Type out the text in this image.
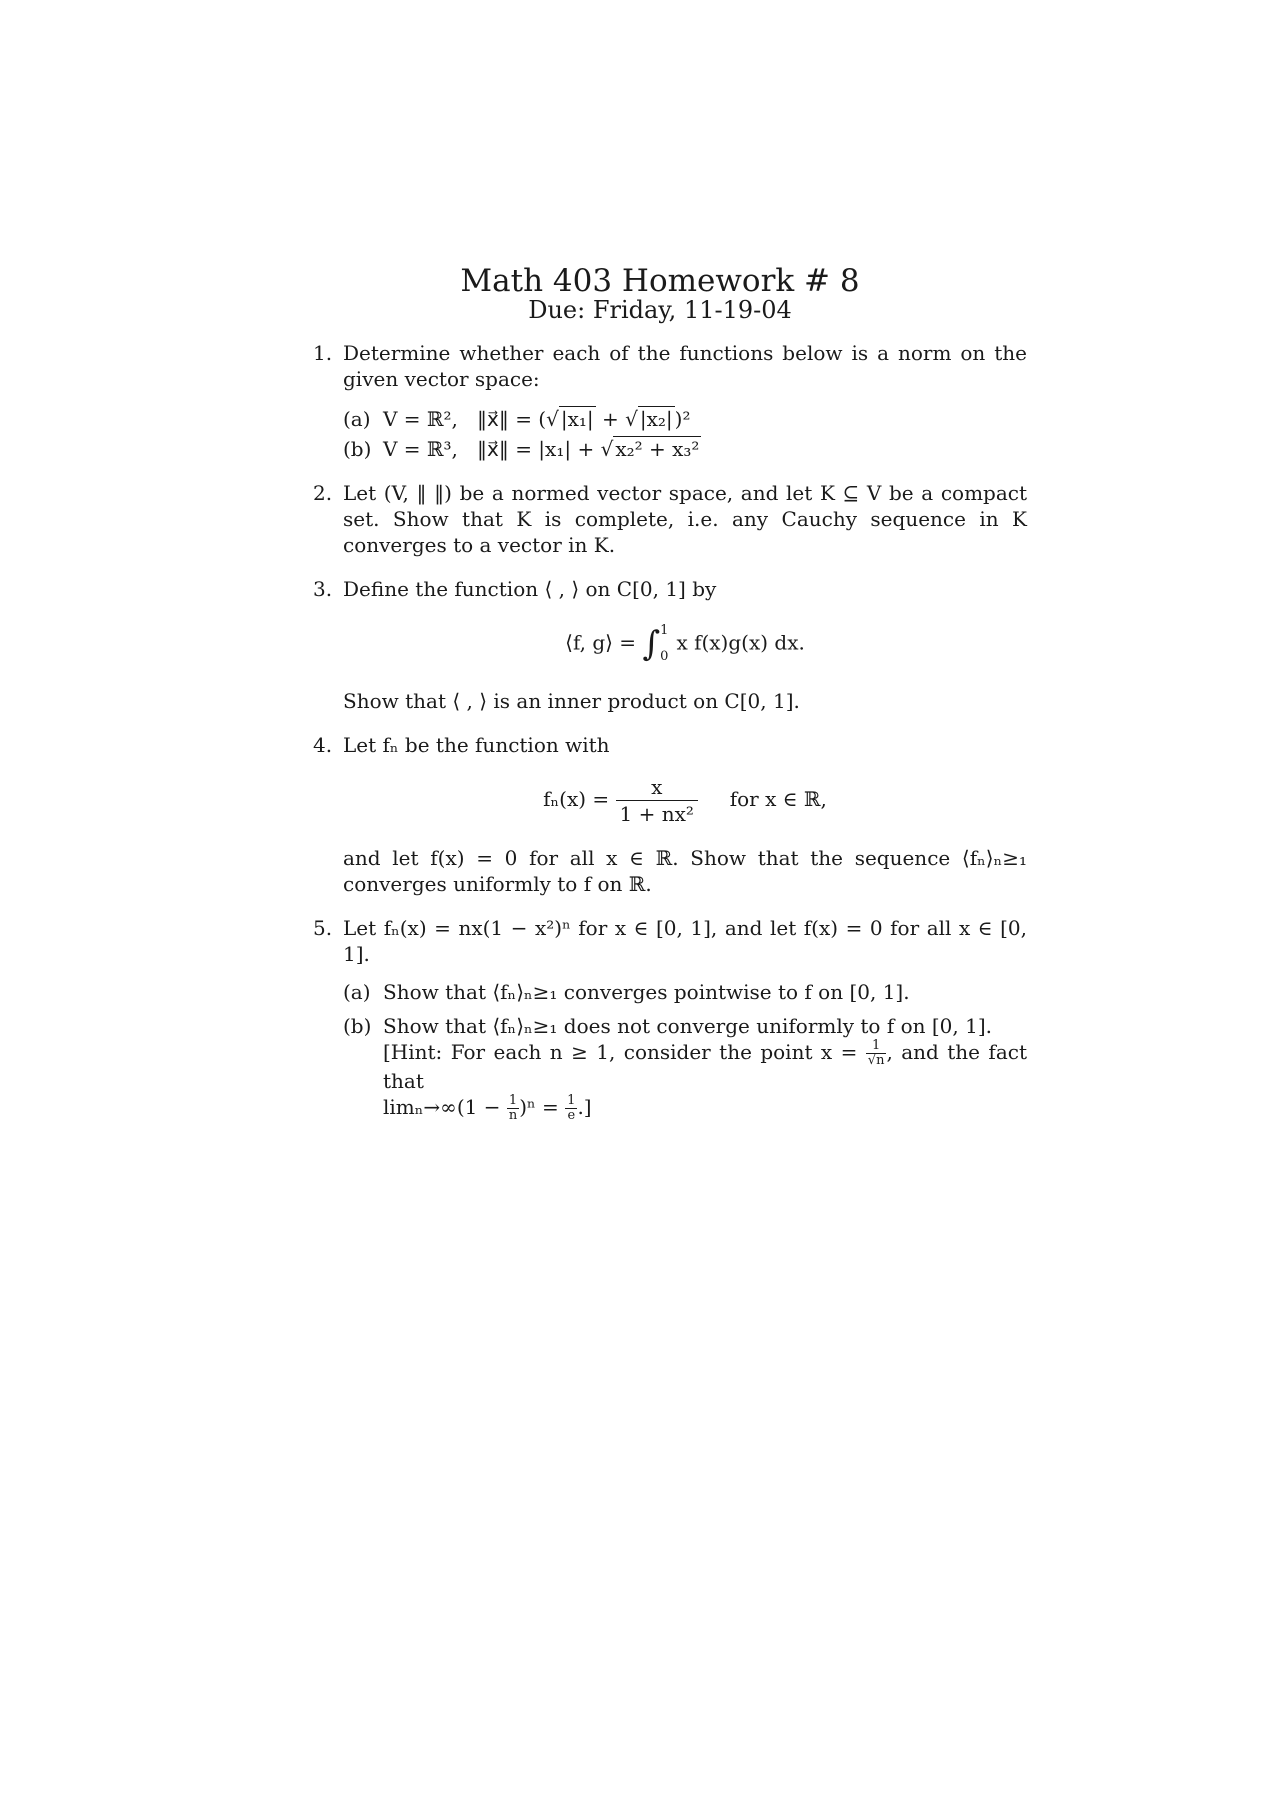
Math 403 Homework # 8
Due: Friday, 11-19-04
1. Determine whether each of the functions below is a norm on the given vector space:
(a) V = ℝ², ‖x⃗‖ = (√ |x₁| + √ |x₂| )²
(b) V = ℝ³, ‖x⃗‖ = |x₁| + √ x₂² + x₃²
2. Let (V, ‖ ‖) be a normed vector space, and let K ⊆ V be a compact set. Show that K is complete, i.e. any Cauchy sequence in K converges to a vector in K.
3. Define the function ⟨ , ⟩ on C[0, 1] by
⟨f, g⟩ = ∫ 1
0
x f(x)g(x) dx.
Show that ⟨ , ⟩ is an inner product on C[0, 1].
4. Let fₙ be the function with
$f_n(x) = \frac{x}{\text{1 + nx²}}$ for x ∈ ℝ,
and let f(x) = 0 for all x ∈ ℝ. Show that the sequence ⟨fₙ⟩ₙ≥₁ converges uniformly to f on ℝ.
5. Let fₙ(x) = nx(1 − x²)ⁿ for x ∈ [0, 1], and let f(x) = 0 for all x ∈ [0, 1].
(a) Show that ⟨fₙ⟩ₙ≥₁ converges pointwise to f on [0, 1].
(b) Show that ⟨fₙ⟩ₙ≥₁ does not converge uniformly to f on [0, 1].
[Hint: For each n ≥ 1, consider the point $x = \frac{1}{√n}$ , and the fact that
$\lim_n\to\infty(1 - \frac{1}{n} )^n = \frac{1}{e}$ .]
